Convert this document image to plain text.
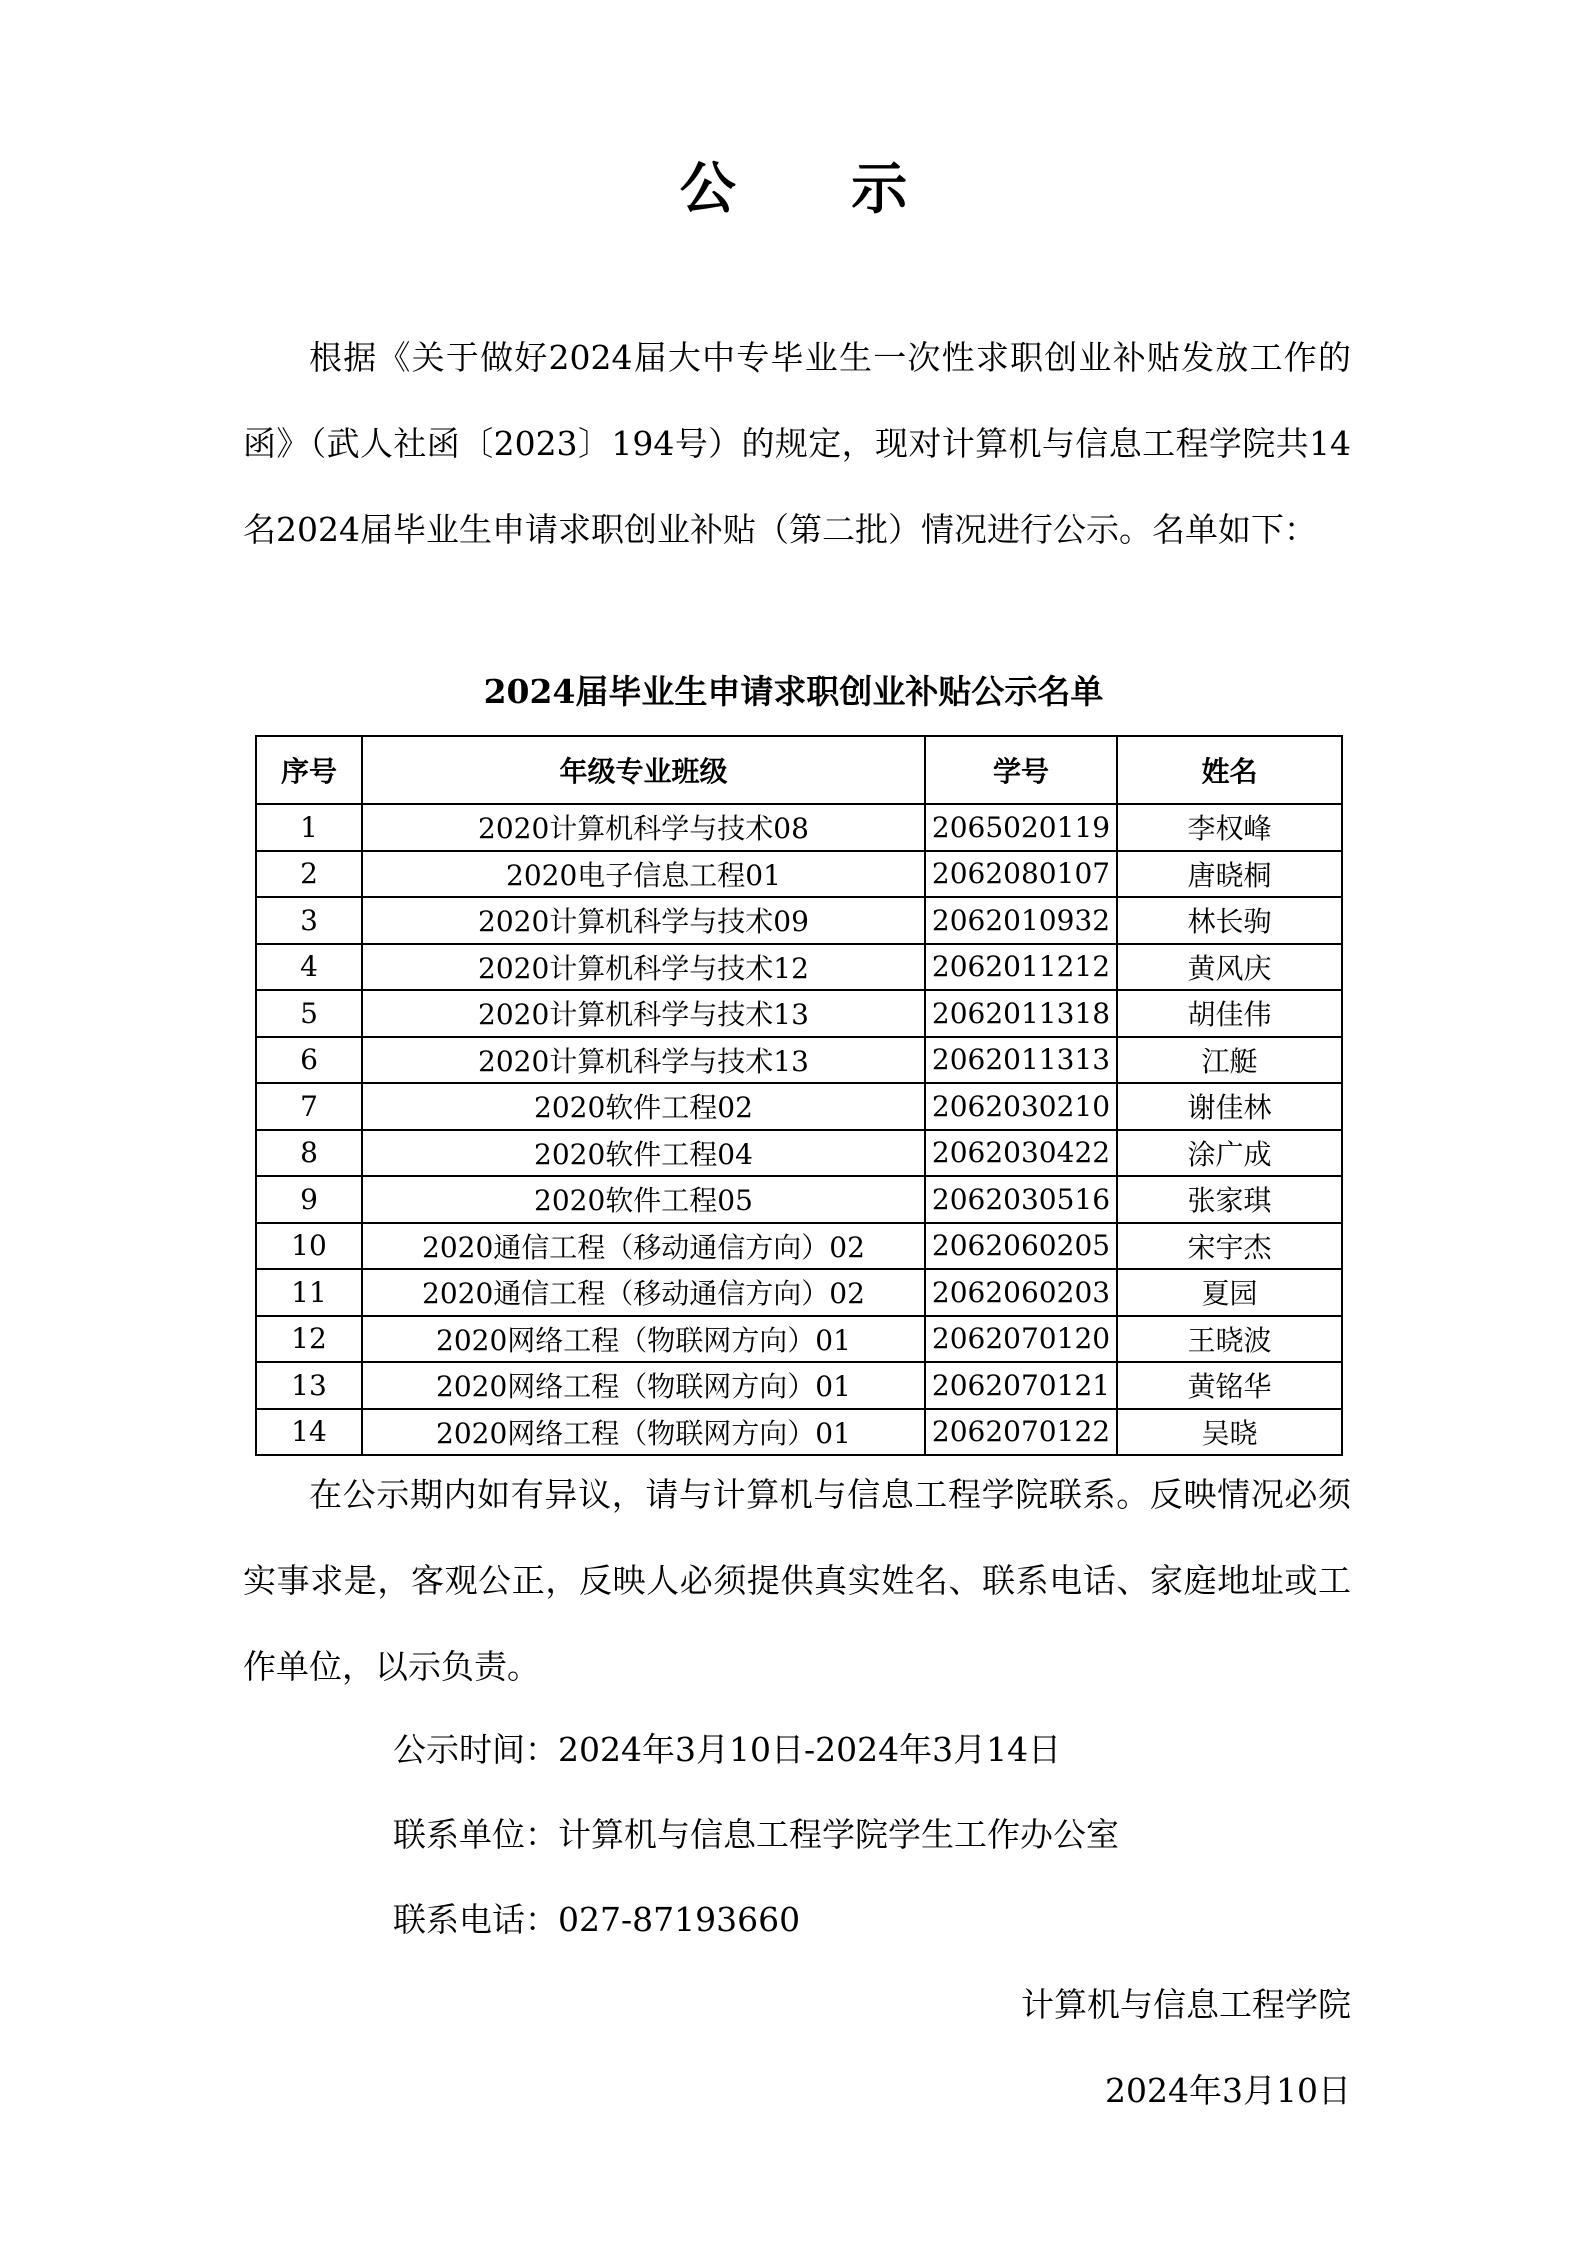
公 示

根据《关于做好2024届大中专毕业生一次性求职创业补贴发放工作的函》（武人社函〔2023〕194号）的规定，现对计算机与信息工程学院共14名2024届毕业生申请求职创业补贴（第二批）情况进行公示。名单如下：

2024届毕业生申请求职创业补贴公示名单
序号	年级专业班级	学号	姓名
1	2020计算机科学与技术08	2065020119	李权峰
2	2020电子信息工程01	2062080107	唐晓桐
3	2020计算机科学与技术09	2062010932	林长驹
4	2020计算机科学与技术12	2062011212	黄风庆
5	2020计算机科学与技术13	2062011318	胡佳伟
6	2020计算机科学与技术13	2062011313	江艇
7	2020软件工程02	2062030210	谢佳林
8	2020软件工程04	2062030422	涂广成
9	2020软件工程05	2062030516	张家琪
10	2020通信工程（移动通信方向）02	2062060205	宋宇杰
11	2020通信工程（移动通信方向）02	2062060203	夏园
12	2020网络工程（物联网方向）01	2062070120	王晓波
13	2020网络工程（物联网方向）01	2062070121	黄铭华
14	2020网络工程（物联网方向）01	2062070122	吴晓

在公示期内如有异议，请与计算机与信息工程学院联系。反映情况必须实事求是，客观公正，反映人必须提供真实姓名、联系电话、家庭地址或工作单位，以示负责。

公示时间：2024年3月10日-2024年3月14日
联系单位：计算机与信息工程学院学生工作办公室
联系电话：027-87193660
计算机与信息工程学院
2024年3月10日
